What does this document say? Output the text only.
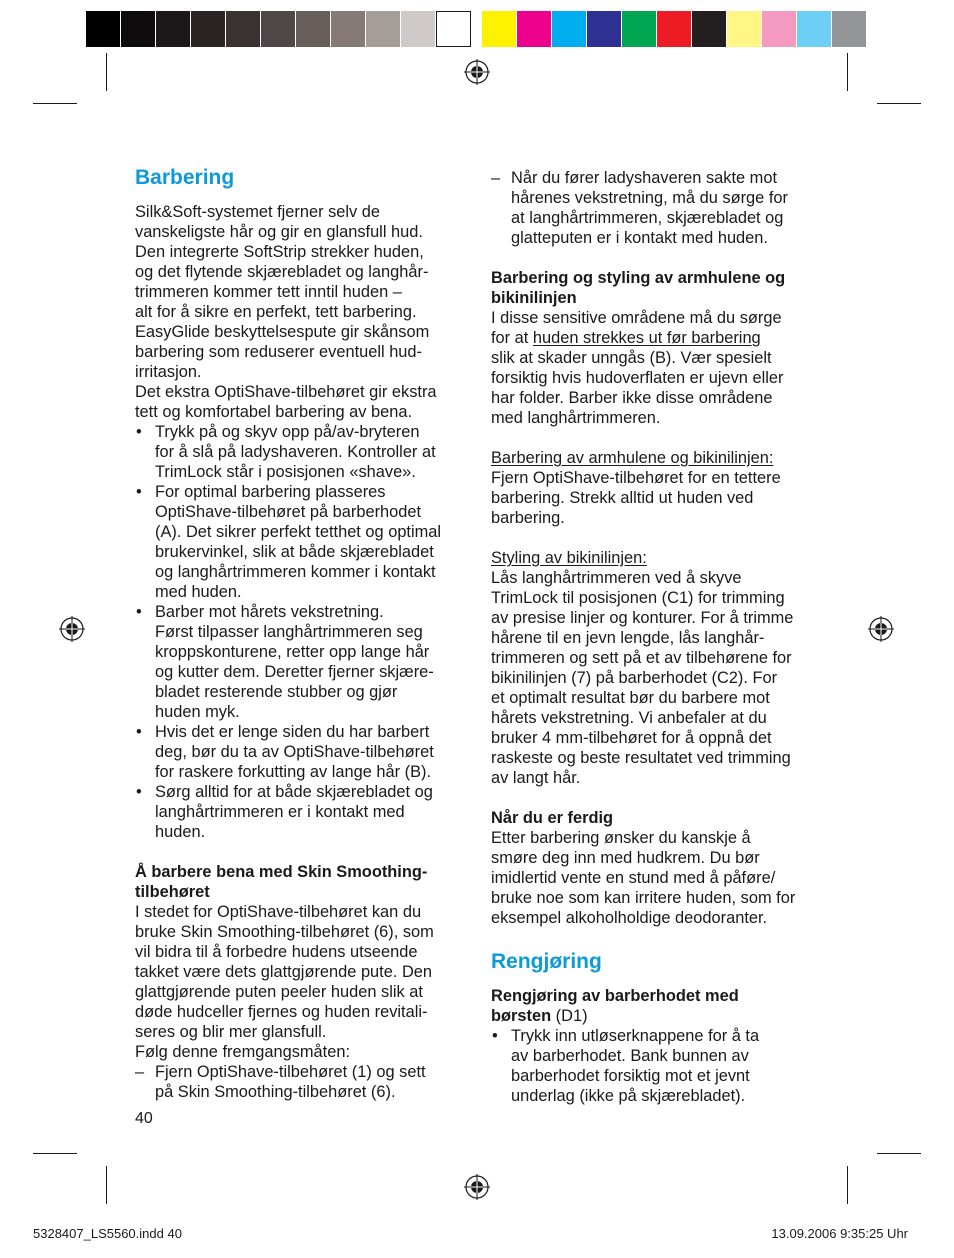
Barbering
Silk&Soft-systemet fjerner selv de
vanskeligste hår og gir en glansfull hud.
Den integrerte SoftStrip strekker huden,
og det flytende skjærebladet og langhår-
trimmeren kommer tett inntil huden –
alt for å sikre en perfekt, tett barbering.
EasyGlide beskyttelsespute gir skånsom
barbering som reduserer eventuell hud-
irritasjon.
Det ekstra OptiShave-tilbehøret gir ekstra
tett og komfortabel barbering av bena.
• Trykk på og skyv opp på/av-bryteren
for å slå på ladyshaveren. Kontroller at
TrimLock står i posisjonen «shave».
• For optimal barbering plasseres
OptiShave-tilbehøret på barberhodet
(A). Det sikrer perfekt tetthet og optimal
brukervinkel, slik at både skjærebladet
og langhårtrimmeren kommer i kontakt
med huden.
• Barber mot hårets vekstretning.
Først tilpasser langhårtrimmeren seg
kroppskonturene, retter opp lange hår
og kutter dem. Deretter fjerner skjære-
bladet resterende stubber og gjør
huden myk.
• Hvis det er lenge siden du har barbert
deg, bør du ta av OptiShave-tilbehøret
for raskere forkutting av lange hår (B).
• Sørg alltid for at både skjærebladet og
langhårtrimmeren er i kontakt med
huden.
Å barbere bena med Skin Smoothing-
tilbehøret
I stedet for OptiShave-tilbehøret kan du
bruke Skin Smoothing-tilbehøret (6), som
vil bidra til å forbedre hudens utseende
takket være dets glattgjørende pute. Den
glattgjørende puten peeler huden slik at
døde hudceller fjernes og huden revitali-
seres og blir mer glansfull.
Følg denne fremgangsmåten:
– Fjern OptiShave-tilbehøret (1) og sett
på Skin Smoothing-tilbehøret (6).
– Når du fører ladyshaveren sakte mot
hårenes vekstretning, må du sørge for
at langhårtrimmeren, skjærebladet og
glatteputen er i kontakt med huden.
Barbering og styling av armhulene og
bikinilinjen
I disse sensitive områdene må du sørge
for at huden strekkes ut før barbering
slik at skader unngås (B). Vær spesielt
forsiktig hvis hudoverflaten er ujevn eller
har folder. Barber ikke disse områdene
med langhårtrimmeren.
Barbering av armhulene og bikinilinjen:
Fjern OptiShave-tilbehøret for en tettere
barbering. Strekk alltid ut huden ved
barbering.
Styling av bikinilinjen:
Lås langhårtrimmeren ved å skyve
TrimLock til posisjonen (C1) for trimming
av presise linjer og konturer. For å trimme
hårene til en jevn lengde, lås langhår-
trimmeren og sett på et av tilbehørene for
bikinilinjen (7) på barberhodet (C2). For
et optimalt resultat bør du barbere mot
hårets vekstretning. Vi anbefaler at du
bruker 4 mm-tilbehøret for å oppnå det
raskeste og beste resultatet ved trimming
av langt hår.
Når du er ferdig
Etter barbering ønsker du kanskje å
smøre deg inn med hudkrem. Du bør
imidlertid vente en stund med å påføre/
bruke noe som kan irritere huden, som for
eksempel alkoholholdige deodoranter.
Rengjøring
Rengjøring av barberhodet med
børsten (D1)
• Trykk inn utløserknappene for å ta
av barberhodet. Bank bunnen av
barberhodet forsiktig mot et jevnt
underlag (ikke på skjærebladet).
40
5328407_LS5560.indd 40	13.09.2006 9:35:25 Uhr
